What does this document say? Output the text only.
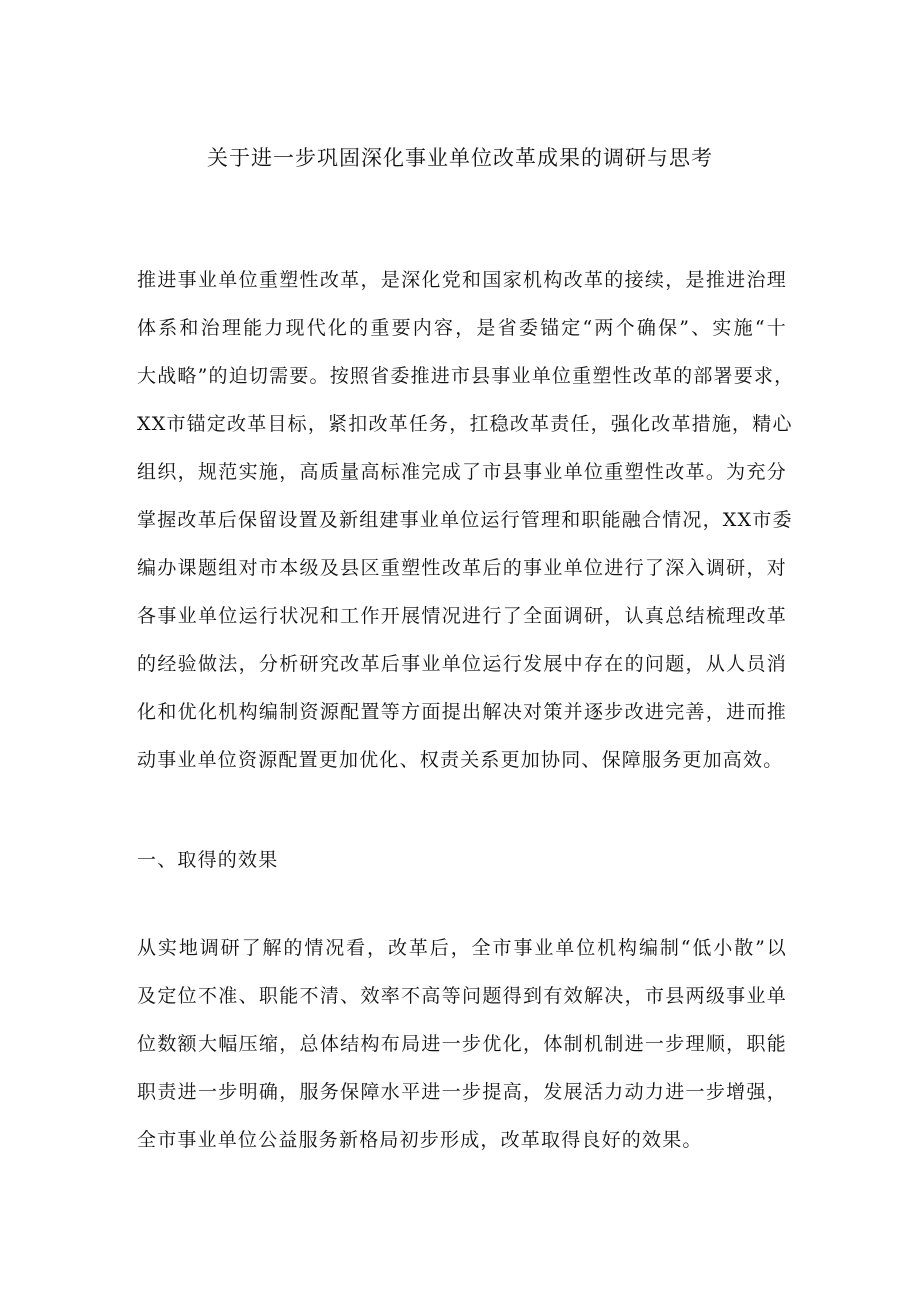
关于进一步巩固深化事业单位改革成果的调研与思考
推进事业单位重塑性改革，是深化党和国家机构改革的接续，是推进治理
体系和治理能力现代化的重要内容，是省委锚定“两个确保”、实施“十
大战略”的迫切需要。按照省委推进市县事业单位重塑性改革的部署要求，
XX市锚定改革目标，紧扣改革任务，扛稳改革责任，强化改革措施，精心
组织，规范实施，高质量高标准完成了市县事业单位重塑性改革。为充分
掌握改革后保留设置及新组建事业单位运行管理和职能融合情况，XX市委
编办课题组对市本级及县区重塑性改革后的事业单位进行了深入调研，对
各事业单位运行状况和工作开展情况进行了全面调研，认真总结梳理改革
的经验做法，分析研究改革后事业单位运行发展中存在的问题，从人员消
化和优化机构编制资源配置等方面提出解决对策并逐步改进完善，进而推
动事业单位资源配置更加优化、权责关系更加协同、保障服务更加高效。
一、取得的效果
从实地调研了解的情况看，改革后，全市事业单位机构编制“低小散”以
及定位不准、职能不清、效率不高等问题得到有效解决，市县两级事业单
位数额大幅压缩，总体结构布局进一步优化，体制机制进一步理顺，职能
职责进一步明确，服务保障水平进一步提高，发展活力动力进一步增强，
全市事业单位公益服务新格局初步形成，改革取得良好的效果。
